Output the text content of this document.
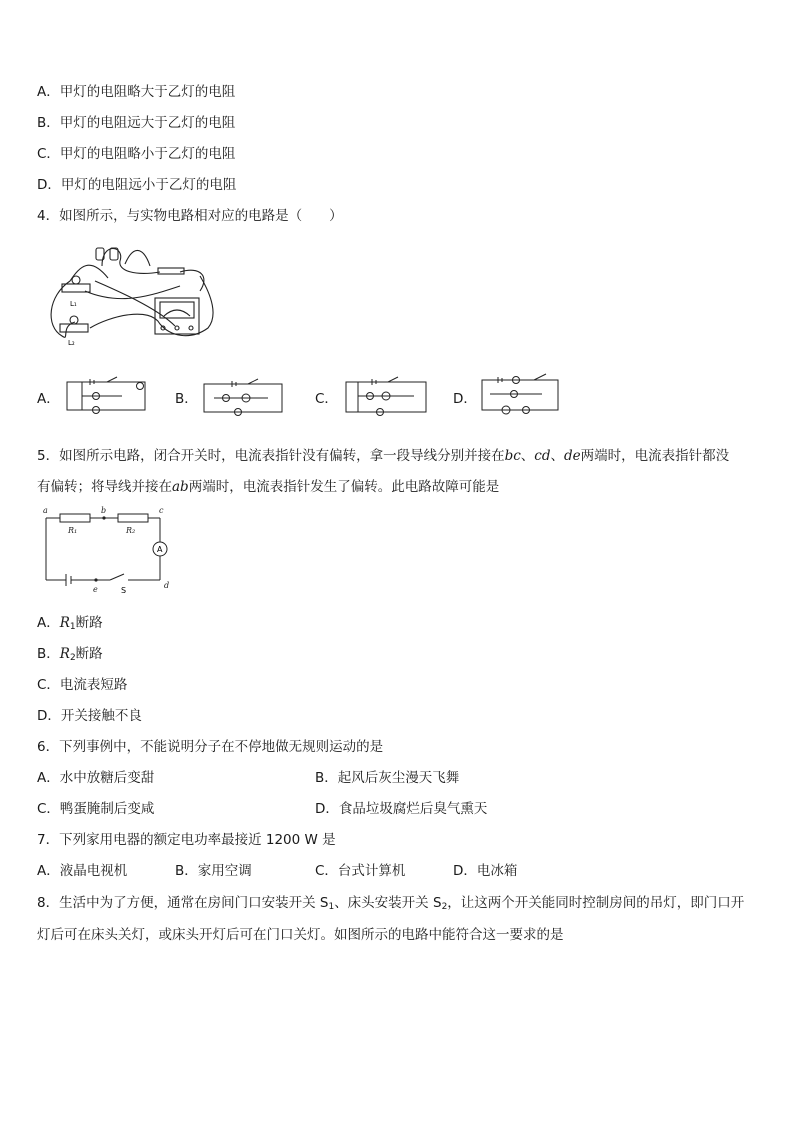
A．甲灯的电阻略大于乙灯的电阻
B．甲灯的电阻远大于乙灯的电阻
C．甲灯的电阻略小于乙灯的电阻
D．甲灯的电阻远小于乙灯的电阻
4．如图所示，与实物电路相对应的电路是（　　）
L₁
L₂
A．	B．	C．	D．
5．如图所示电路，闭合开关时，电流表指针没有偏转，拿一段导线分别并接在bc、cd、de两端时，电流表指针都没
有偏转；将导线并接在ab两端时，电流表指针发生了偏转。此电路故障可能是
a	b	c
d
e
R₁	R₂
A
S
A．$R_1$断路
B．$R_2$断路
C．电流表短路
D．开关接触不良
6．下列事例中，不能说明分子在不停地做无规则运动的是
A．水中放糖后变甜	B．起风后灰尘漫天飞舞
C．鸭蛋腌制后变咸	D．食品垃圾腐烂后臭气熏天
7．下列家用电器的额定电功率最接近 1200 W 是
A．液晶电视机	B．家用空调	C．台式计算机	D．电冰箱
8．生活中为了方便，通常在房间门口安装开关 $S_1$、床头安装开关 $S_2$，让这两个开关能同时控制房间的吊灯，即门口开
灯后可在床头关灯，或床头开灯后可在门口关灯。如图所示的电路中能符合这一要求的是
